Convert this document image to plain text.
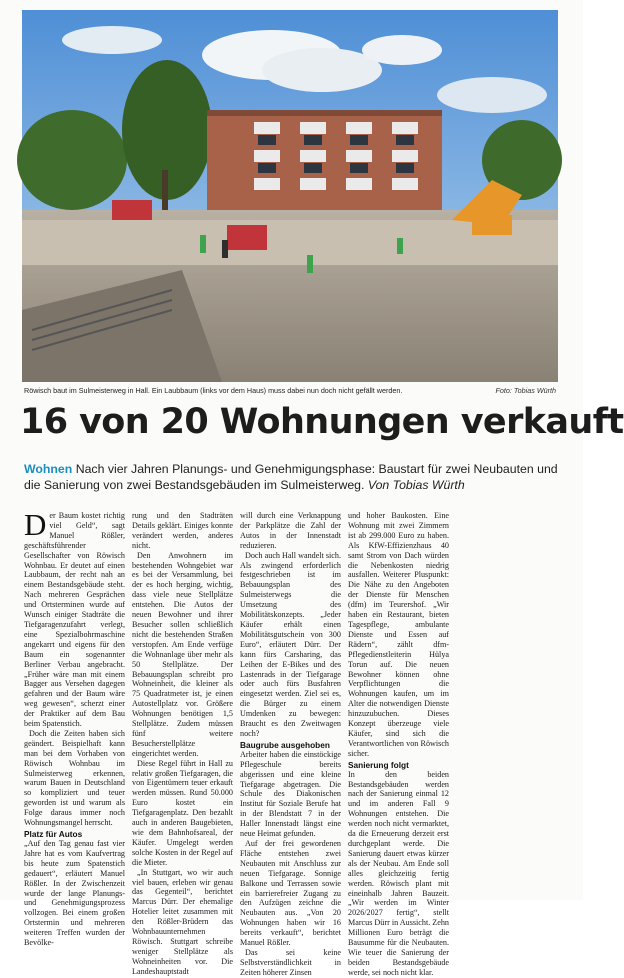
Röwisch baut im Sulmeisterweg in Hall. Ein Laubbaum (links vor dem Haus) muss dabei nun doch nicht gefällt werden.	Foto: Tobias Würth
16 von 20 Wohnungen verkauft
Wohnen Nach vier Jahren Planungs- und Genehmigungsphase: Baustart für zwei Neubauten und die Sanierung von zwei Bestandsgebäuden im Sulmeisterweg. Von Tobias Würth

Der Baum kostet richtig viel Geld“, sagt Manuel Rößler, geschäftsführender Gesellschafter von Röwisch Wohnbau. Er deutet auf einen Laubbaum, der recht nah an einem Bestandsgebäude steht. Nach mehreren Gesprächen und Ortsterminen wurde auf Wunsch einiger Stadträte die Tiefgaragenzufahrt verlegt, eine Spezialbohrmaschine angekarrt und eigens für den Baum ein sogenannter Berliner Verbau angebracht. „Früher wäre man mit einem Bagger aus Versehen dagegen gefahren und der Baum wäre weg gewesen“, scherzt einer der Praktiker auf dem Bau beim Spatenstich.

Doch die Zeiten haben sich geändert. Beispielhaft kann man bei dem Vorhaben von Röwisch Wohnbau im Sulmeisterweg erkennen, warum Bauen in Deutschland so kompliziert und teuer geworden ist und warum als Folge daraus immer noch Wohnungsmangel herrscht.

Platz für Autos

„Auf den Tag genau fast vier Jahre hat es vom Kaufvertrag bis heute zum Spatenstich gedauert“, erläutert Manuel Rößler. In der Zwischenzeit wurde der lange Planungs- und Genehmigungsprozess vollzogen. Bei einem großen Ortstermin und mehreren weiteren Treffen wurden der Bevölke-

rung und den Stadträten Details geklärt. Einiges konnte verändert werden, anderes nicht.

Den Anwohnern im bestehenden Wohngebiet war es bei der Versammlung, bei der es hoch herging, wichtig, dass viele neue Stellplätze entstehen. Die Autos der neuen Bewohner und ihrer Besucher sollen schließlich nicht die bestehenden Straßen verstopfen. Am Ende verfüge die Wohnanlage über mehr als 50 Stellplätze. Der Bebauungsplan schreibt pro Wohneinheit, die kleiner als 75 Quadratmeter ist, je einen Autostellplatz vor. Größere Wohnungen benötigen 1,5 Stellplätze. Zudem müssen fünf weitere Besucherstellplätze eingerichtet werden.

Diese Regel führt in Hall zu relativ großen Tiefgaragen, die von Eigentümern teuer erkauft werden müssen. Rund 50.000 Euro kostet ein Tiefgaragenplatz. Den bezahlt auch in anderen Baugebieten, wie dem Bahnhofsareal, der Käufer. Umgelegt werden solche Kosten in der Regel auf die Mieter.

„In Stuttgart, wo wir auch viel bauen, erleben wir genau das Gegenteil“, berichtet Marcus Dürr. Der ehemalige Hotelier leitet zusammen mit den Rößler-Brüdern das Wohnbauunternehmen Röwisch. Stuttgart schreibe weniger Stellplätze als Wohneinheiten vor. Die Landeshauptstadt

will durch eine Verknappung der Parkplätze die Zahl der Autos in der Innenstadt reduzieren.

Doch auch Hall wandelt sich. Als zwingend erforderlich festgeschrieben ist im Bebauungsplan des Sulmeisterwegs die Umsetzung des Mobilitätskonzepts. „Jeder Käufer erhält einen Mobilitätsgutschein von 300 Euro“, erläutert Dürr. Der kann fürs Carsharing, das Leihen der E-Bikes und des Lastenrads in der Tiefgarage oder auch fürs Busfahren eingesetzt werden. Ziel sei es, die Bürger zu einem Umdenken zu bewegen: Braucht es den Zweitwagen noch?

Baugrube ausgehoben

Arbeiter haben die einstöckige Pflegeschule bereits abgerissen und eine kleine Tiefgarage abgetragen. Die Schule des Diakonischen Institut für Soziale Berufe hat in der Blendstatt 7 in der Haller Innenstadt längst eine neue Heimat gefunden.

Auf der frei gewordenen Fläche entstehen zwei Neubauten mit Anschluss zur neuen Tiefgarage. Sonnige Balkone und Terrassen sowie ein barrierefreier Zugang zu den Aufzügen zeichne die Neubauten aus. „Von 20 Wohnungen haben wir 16 bereits verkauft“, berichtet Manuel Rößler.

Das sei keine Selbstverständlichkeit in Zeiten höherer Zinsen

und hoher Baukosten. Eine Wohnung mit zwei Zimmern ist ab 299.000 Euro zu haben. Als KfW-Effizienzhaus 40 samt Strom von Dach würden die Nebenkosten niedrig ausfallen. Weiterer Pluspunkt: Die Nähe zu den Angeboten der Dienste für Menschen (dfm) im Teurershof. „Wir haben ein Restaurant, bieten Tagespflege, ambulante Dienste und Essen auf Rädern“, zählt dfm-Pflegedienstleiterin Hülya Torun auf. Die neuen Bewohner können ohne Verpflichtungen die Wohnungen kaufen, um im Alter die notwendigen Dienste hinzuzubuchen. Dieses Konzept überzeuge viele Käufer, sind sich die Verantwortlichen von Röwisch sicher.

Sanierung folgt

In den beiden Bestandsgebäuden werden nach der Sanierung einmal 12 und im anderen Fall 9 Wohnungen entstehen. Die werden noch nicht vermarktet, da die Erneuerung derzeit erst durchgeplant werde. Die Sanierung dauert etwas kürzer als der Neubau. Am Ende soll alles gleichzeitig fertig werden. Röwisch plant mit eineinhalb Jahren Bauzeit. „Wir werden im Winter 2026/2027 fertig“, stellt Marcus Dürr in Aussicht. Zehn Millionen Euro beträgt die Bausumme für die Neubauten. Wie teuer die Sanierung der beiden Bestandsgebäude werde, sei noch nicht klar.
